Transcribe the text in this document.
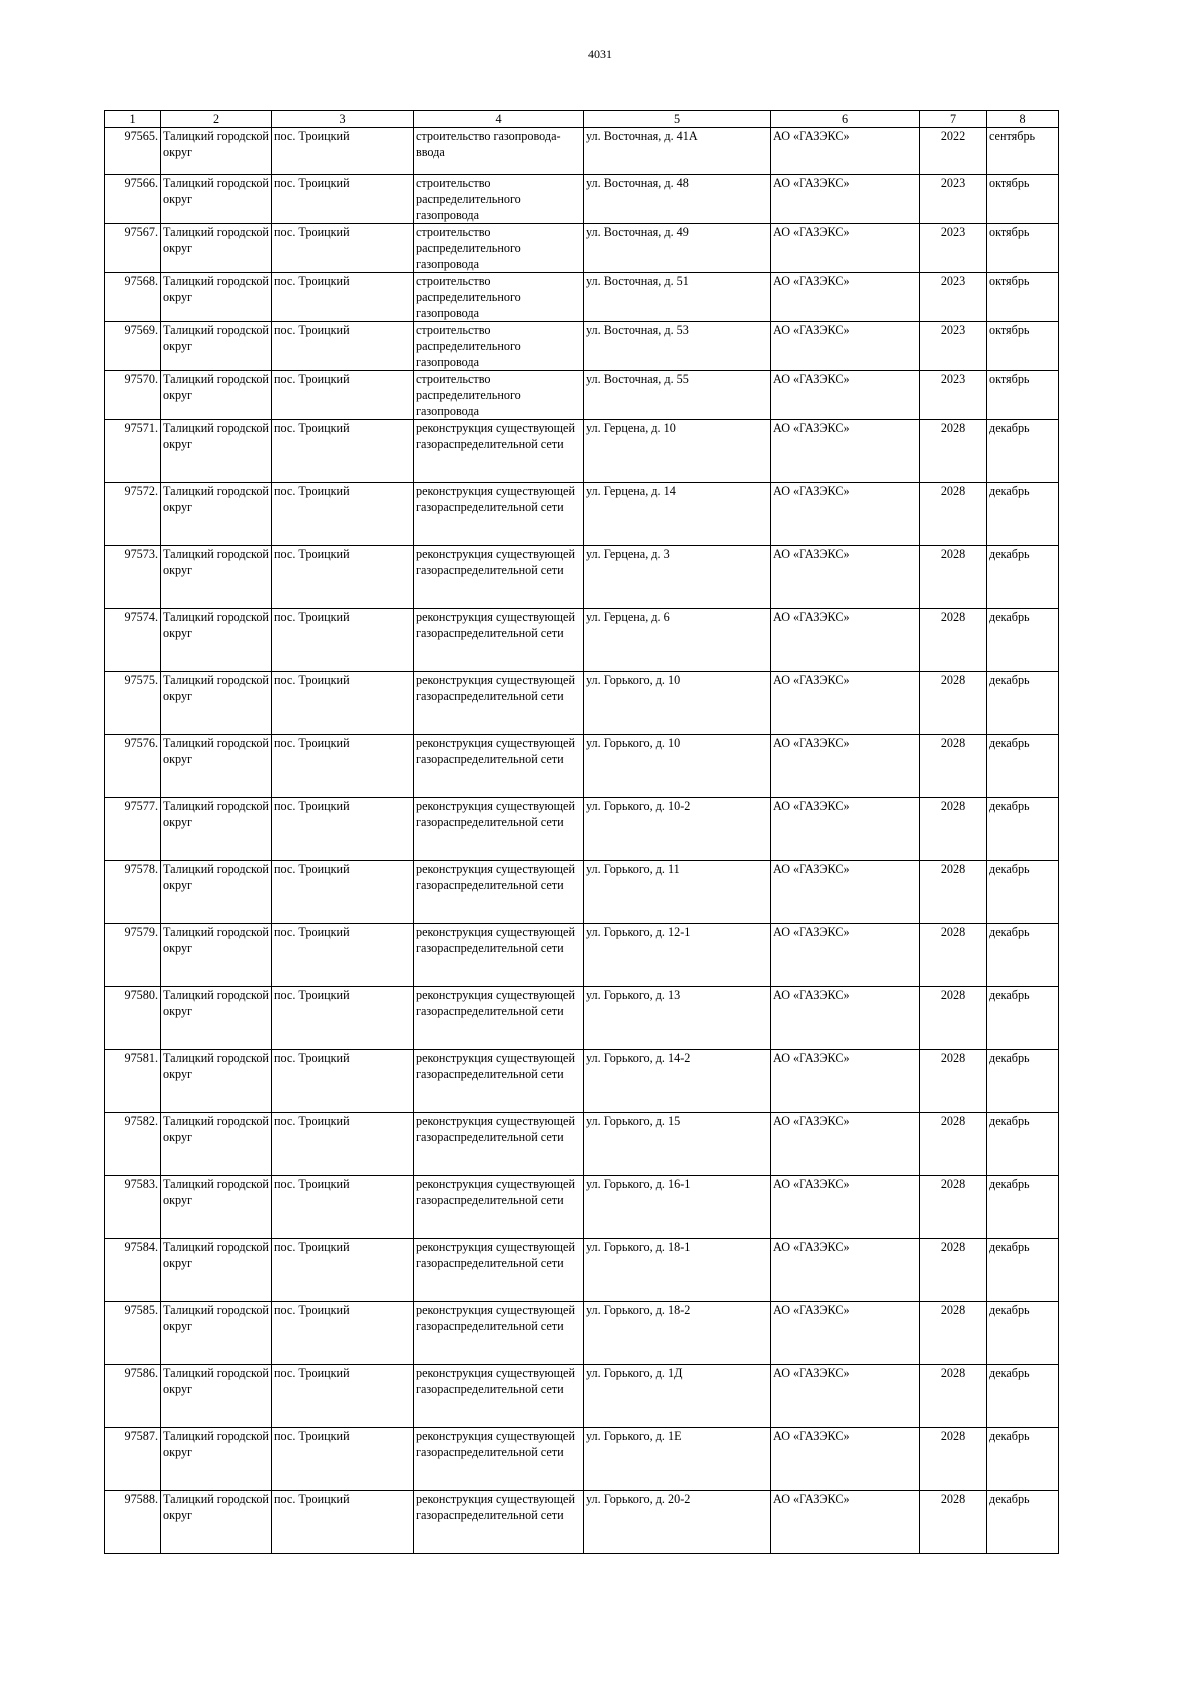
4031
1	2	3	4	5	6	7	8
97565.	Талицкий городской округ	пос. Троицкий	строительство газопровода-ввода	ул. Восточная, д. 41А	АО «ГАЗЭКС»	2022	сентябрь
97566.	Талицкий городской округ	пос. Троицкий	строительство распределительного газопровода	ул. Восточная, д. 48	АО «ГАЗЭКС»	2023	октябрь
97567.	Талицкий городской округ	пос. Троицкий	строительство распределительного газопровода	ул. Восточная, д. 49	АО «ГАЗЭКС»	2023	октябрь
97568.	Талицкий городской округ	пос. Троицкий	строительство распределительного газопровода	ул. Восточная, д. 51	АО «ГАЗЭКС»	2023	октябрь
97569.	Талицкий городской округ	пос. Троицкий	строительство распределительного газопровода	ул. Восточная, д. 53	АО «ГАЗЭКС»	2023	октябрь
97570.	Талицкий городской округ	пос. Троицкий	строительство распределительного газопровода	ул. Восточная, д. 55	АО «ГАЗЭКС»	2023	октябрь
97571.	Талицкий городской округ	пос. Троицкий	реконструкция существующей газораспределительной сети	ул. Герцена, д. 10	АО «ГАЗЭКС»	2028	декабрь
97572.	Талицкий городской округ	пос. Троицкий	реконструкция существующей газораспределительной сети	ул. Герцена, д. 14	АО «ГАЗЭКС»	2028	декабрь
97573.	Талицкий городской округ	пос. Троицкий	реконструкция существующей газораспределительной сети	ул. Герцена, д. 3	АО «ГАЗЭКС»	2028	декабрь
97574.	Талицкий городской округ	пос. Троицкий	реконструкция существующей газораспределительной сети	ул. Герцена, д. 6	АО «ГАЗЭКС»	2028	декабрь
97575.	Талицкий городской округ	пос. Троицкий	реконструкция существующей газораспределительной сети	ул. Горького, д. 10	АО «ГАЗЭКС»	2028	декабрь
97576.	Талицкий городской округ	пос. Троицкий	реконструкция существующей газораспределительной сети	ул. Горького, д. 10	АО «ГАЗЭКС»	2028	декабрь
97577.	Талицкий городской округ	пос. Троицкий	реконструкция существующей газораспределительной сети	ул. Горького, д. 10-2	АО «ГАЗЭКС»	2028	декабрь
97578.	Талицкий городской округ	пос. Троицкий	реконструкция существующей газораспределительной сети	ул. Горького, д. 11	АО «ГАЗЭКС»	2028	декабрь
97579.	Талицкий городской округ	пос. Троицкий	реконструкция существующей газораспределительной сети	ул. Горького, д. 12-1	АО «ГАЗЭКС»	2028	декабрь
97580.	Талицкий городской округ	пос. Троицкий	реконструкция существующей газораспределительной сети	ул. Горького, д. 13	АО «ГАЗЭКС»	2028	декабрь
97581.	Талицкий городской округ	пос. Троицкий	реконструкция существующей газораспределительной сети	ул. Горького, д. 14-2	АО «ГАЗЭКС»	2028	декабрь
97582.	Талицкий городской округ	пос. Троицкий	реконструкция существующей газораспределительной сети	ул. Горького, д. 15	АО «ГАЗЭКС»	2028	декабрь
97583.	Талицкий городской округ	пос. Троицкий	реконструкция существующей газораспределительной сети	ул. Горького, д. 16-1	АО «ГАЗЭКС»	2028	декабрь
97584.	Талицкий городской округ	пос. Троицкий	реконструкция существующей газораспределительной сети	ул. Горького, д. 18-1	АО «ГАЗЭКС»	2028	декабрь
97585.	Талицкий городской округ	пос. Троицкий	реконструкция существующей газораспределительной сети	ул. Горького, д. 18-2	АО «ГАЗЭКС»	2028	декабрь
97586.	Талицкий городской округ	пос. Троицкий	реконструкция существующей газораспределительной сети	ул. Горького, д. 1Д	АО «ГАЗЭКС»	2028	декабрь
97587.	Талицкий городской округ	пос. Троицкий	реконструкция существующей газораспределительной сети	ул. Горького, д. 1Е	АО «ГАЗЭКС»	2028	декабрь
97588.	Талицкий городской округ	пос. Троицкий	реконструкция существующей газораспределительной сети	ул. Горького, д. 20-2	АО «ГАЗЭКС»	2028	декабрь
